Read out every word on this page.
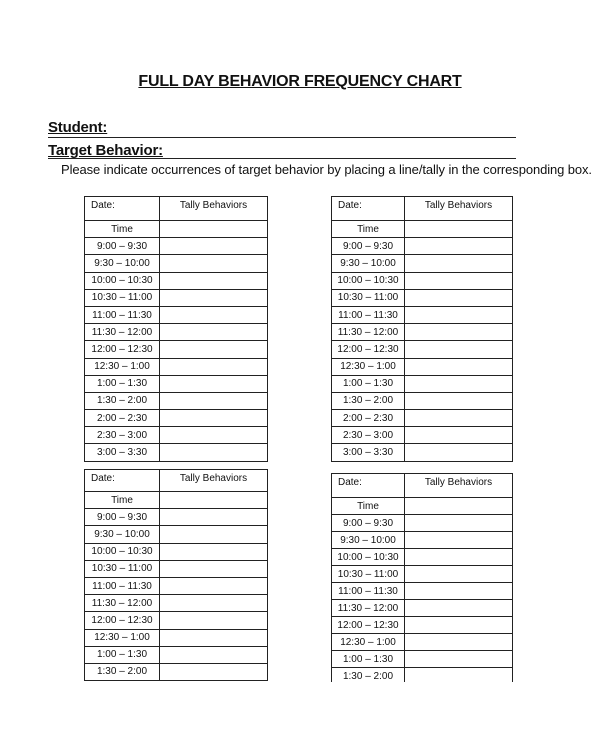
FULL DAY BEHAVIOR FREQUENCY CHART
Student:
Target Behavior:
Please indicate occurrences of target behavior by placing a line/tally in the corresponding box.
Date:	Tally Behaviors
Time	
9:00 – 9:30	
9:30 – 10:00	
10:00 – 10:30	
10:30 – 11:00	
11:00 – 11:30	
11:30 – 12:00	
12:00 – 12:30	
12:30 – 1:00	
1:00 – 1:30	
1:30 – 2:00	
2:00 – 2:30	
2:30 – 3:00	
3:00 – 3:30	
Date:	Tally Behaviors
Time	
9:00 – 9:30	
9:30 – 10:00	
10:00 – 10:30	
10:30 – 11:00	
11:00 – 11:30	
11:30 – 12:00	
12:00 – 12:30	
12:30 – 1:00	
1:00 – 1:30	
1:30 – 2:00	
2:00 – 2:30	
2:30 – 3:00	
3:00 – 3:30	
Date:	Tally Behaviors
Time	
9:00 – 9:30	
9:30 – 10:00	
10:00 – 10:30	
10:30 – 11:00	
11:00 – 11:30	
11:30 – 12:00	
12:00 – 12:30	
12:30 – 1:00	
1:00 – 1:30	
1:30 – 2:00	
Date:	Tally Behaviors
Time	
9:00 – 9:30	
9:30 – 10:00	
10:00 – 10:30	
10:30 – 11:00	
11:00 – 11:30	
11:30 – 12:00	
12:00 – 12:30	
12:30 – 1:00	
1:00 – 1:30	
1:30 – 2:00	
